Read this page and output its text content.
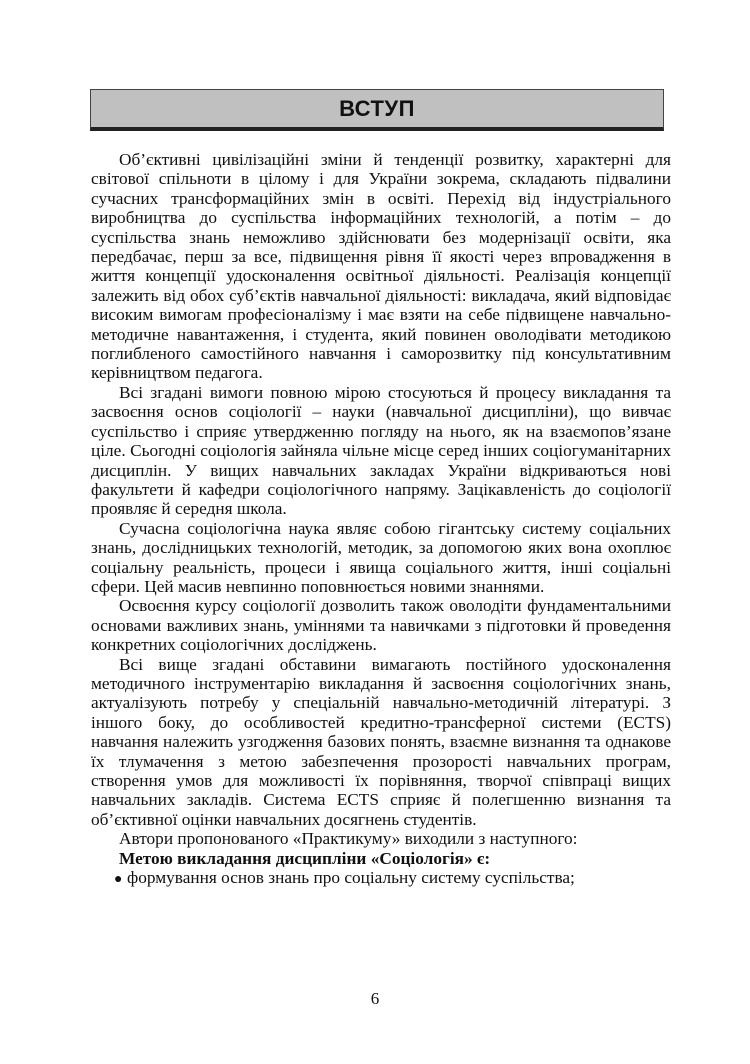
ВСТУП

Об’єктивні цивілізаційні зміни й тенденції розвитку, характерні для світової спільноти в цілому і для України зокрема, складають підвалини сучасних трансформаційних змін в освіті. Перехід від індустріального виробництва до суспільства інформаційних технологій, а потім – до суспільства знань неможливо здійснювати без модернізації освіти, яка передбачає, перш за все, підвищення рівня її якості через впровадження в життя концепції удосконалення освітньої діяльності. Реалізація концепції залежить від обох суб’єктів навчальної діяльності: викладача, який відповідає високим вимогам професіоналізму і має взяти на себе підвищене навчально-методичне навантаження, і студента, який повинен оволодівати методикою поглибленого самостійного навчання і саморозвитку під консультативним керівництвом педагога.

Всі згадані вимоги повною мірою стосуються й процесу викладання та засвоєння основ соціології – науки (навчальної дисципліни), що вивчає суспільство і сприяє утвердженню погляду на нього, як на взаємопов’язане ціле. Сьогодні соціологія зайняла чільне місце серед інших соціогуманітарних дисциплін. У вищих навчальних закладах України відкриваються нові факультети й кафедри соціологічного напряму. Зацікавленість до соціології проявляє й середня школа.

Сучасна соціологічна наука являє собою гігантську систему соціальних знань, дослідницьких технологій, методик, за допомогою яких вона охоплює соціальну реальність, процеси і явища соціального життя, інші соціальні сфери. Цей масив невпинно поповнюється новими знаннями.

Освоєння курсу соціології дозволить також оволодіти фундаментальними основами важливих знань, уміннями та навичками з підготовки й проведення конкретних соціологічних досліджень.

Всі вище згадані обставини вимагають постійного удосконалення методичного інструментарію викладання й засвоєння соціологічних знань, актуалізують потребу у спеціальній навчально-методичній літературі. З іншого боку, до особливостей кредитно-трансферної системи (ECTS) навчання належить узгодження базових понять, взаємне визнання та однакове їх тлумачення з метою забезпечення прозорості навчальних програм, створення умов для можливості їх порівняння, творчої співпраці вищих навчальних закладів. Система ECTS сприяє й полегшенню визнання та об’єктивної оцінки навчальних досягнень студентів.

Автори пропонованого «Практикуму» виходили з наступного:

Метою викладання дисципліни «Соціологія» є:

● формування основ знань про соціальну систему суспільства;
6
